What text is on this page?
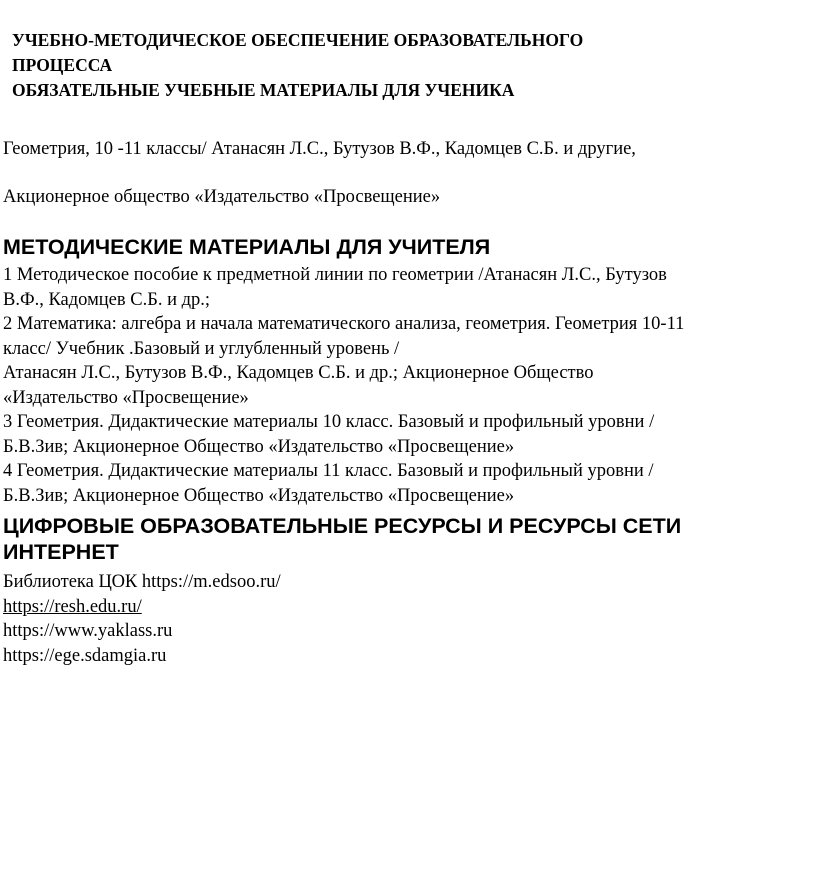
УЧЕБНО-МЕТОДИЧЕСКОЕ ОБЕСПЕЧЕНИЕ ОБРАЗОВАТЕЛЬНОГО
ПРОЦЕССА
ОБЯЗАТЕЛЬНЫЕ УЧЕБНЫЕ МАТЕРИАЛЫ ДЛЯ УЧЕНИКА
Геометрия, 10 -11 классы/ Атанасян Л.С., Бутузов В.Ф., Кадомцев С.Б. и другие,
Акционерное общество «Издательство «Просвещение»
МЕТОДИЧЕСКИЕ МАТЕРИАЛЫ ДЛЯ УЧИТЕЛЯ
1 Методическое пособие к предметной линии по геометрии /Атанасян Л.С., Бутузов
В.Ф., Кадомцев С.Б. и др.;
2 Математика: алгебра и начала математического анализа, геометрия. Геометрия 10-11
класс/ Учебник .Базовый и углубленный уровень /
Атанасян Л.С., Бутузов В.Ф., Кадомцев С.Б. и др.; Акционерное Общество
«Издательство «Просвещение»
3 Геометрия. Дидактические материалы 10 класс. Базовый и профильный уровни /
Б.В.Зив; Акционерное Общество «Издательство «Просвещение»
4 Геометрия. Дидактические материалы 11 класс. Базовый и профильный уровни /
Б.В.Зив; Акционерное Общество «Издательство «Просвещение»
ЦИФРОВЫЕ ОБРАЗОВАТЕЛЬНЫЕ РЕСУРСЫ И РЕСУРСЫ СЕТИ
ИНТЕРНЕТ
Библиотека ЦОК https://m.edsoo.ru/
https://resh.edu.ru/
https://www.yaklass.ru
https://ege.sdamgia.ru
